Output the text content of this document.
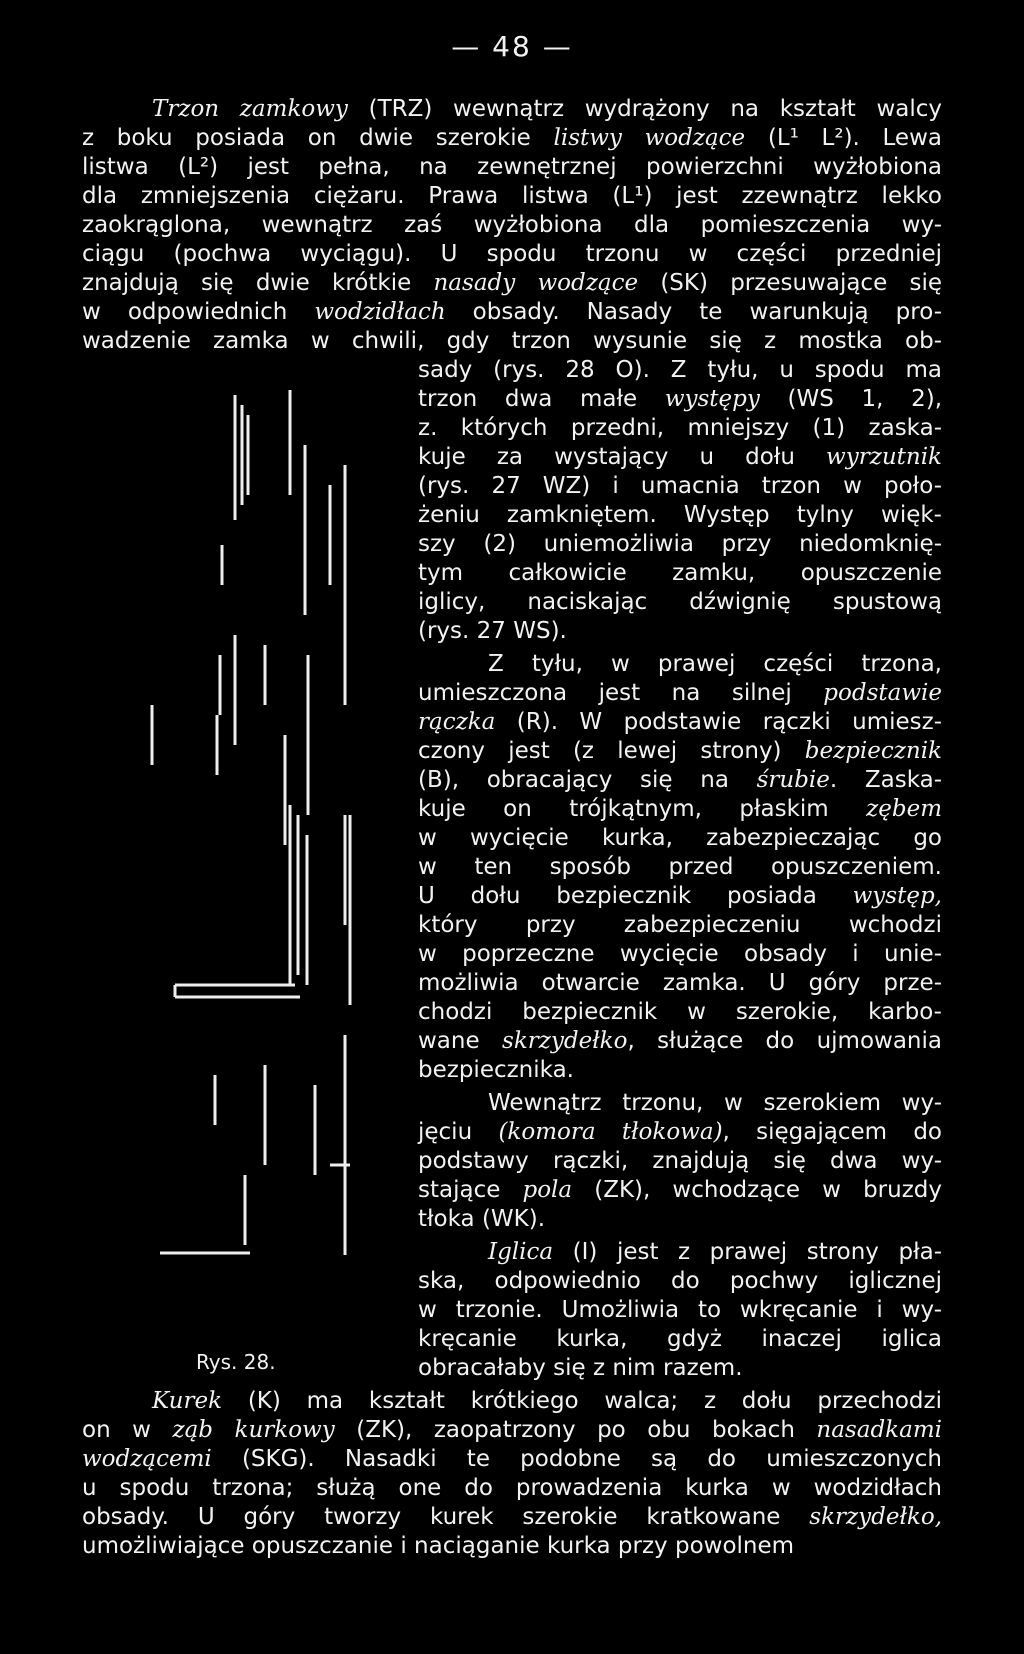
— 48 —
Trzon zamkowy (TRZ) wewnątrz wydrążony na kształt walcy
z boku posiada on dwie szerokie listwy wodzące (L¹ L²). Lewa
listwa (L²) jest pełna, na zewnętrznej powierzchni wyżłobiona
dla zmniejszenia ciężaru. Prawa listwa (L¹) jest zzewnątrz lekko
zaokrąglona, wewnątrz zaś wyżłobiona dla pomieszczenia wy-
ciągu (pochwa wyciągu). U spodu trzonu w części przedniej
znajdują się dwie krótkie nasady wodzące (SK) przesuwające się
w odpowiednich wodzidłach obsady. Nasady te warunkują pro-
wadzenie zamka w chwili, gdy trzon wysunie się z mostka ob-
sady (rys. 28 O). Z tyłu, u spodu ma
trzon dwa małe występy (WS 1, 2),
z. których przedni, mniejszy (1) zaska-
kuje za wystający u dołu wyrzutnik
(rys. 27 WZ) i umacnia trzon w poło-
żeniu zamkniętem. Występ tylny więk-
szy (2) uniemożliwia przy niedomknię-
tym całkowicie zamku, opuszczenie
iglicy, naciskając dźwignię spustową
(rys. 27 WS).
Z tyłu, w prawej części trzona,
umieszczona jest na silnej podstawie
rączka (R). W podstawie rączki umiesz-
czony jest (z lewej strony) bezpiecznik
(B), obracający się na śrubie. Zaska-
kuje on trójkątnym, płaskim zębem
w wycięcie kurka, zabezpieczając go
w ten sposób przed opuszczeniem.
U dołu bezpiecznik posiada występ,
który przy zabezpieczeniu wchodzi
w poprzeczne wycięcie obsady i unie-
możliwia otwarcie zamka. U góry prze-
chodzi bezpiecznik w szerokie, karbo-
wane skrzydełko, służące do ujmowania
bezpiecznika.
Wewnątrz trzonu, w szerokiem wy-
jęciu (komora tłokowa), sięgającem do
podstawy rączki, znajdują się dwa wy-
stające pola (ZK), wchodzące w bruzdy
tłoka (WK).
Iglica (I) jest z prawej strony pła-
ska, odpowiednio do pochwy iglicznej
w trzonie. Umożliwia to wkręcanie i wy-
kręcanie kurka, gdyż inaczej iglica
obracałaby się z nim razem.
Kurek (K) ma kształt krótkiego walca; z dołu przechodzi
on w ząb kurkowy (ZK), zaopatrzony po obu bokach nasadkami
wodzącemi (SKG). Nasadki te podobne są do umieszczonych
u spodu trzona; służą one do prowadzenia kurka w wodzidłach
obsady. U góry tworzy kurek szerokie kratkowane skrzydełko,
umożliwiające opuszczanie i naciąganie kurka przy powolnem
Rys. 28.
